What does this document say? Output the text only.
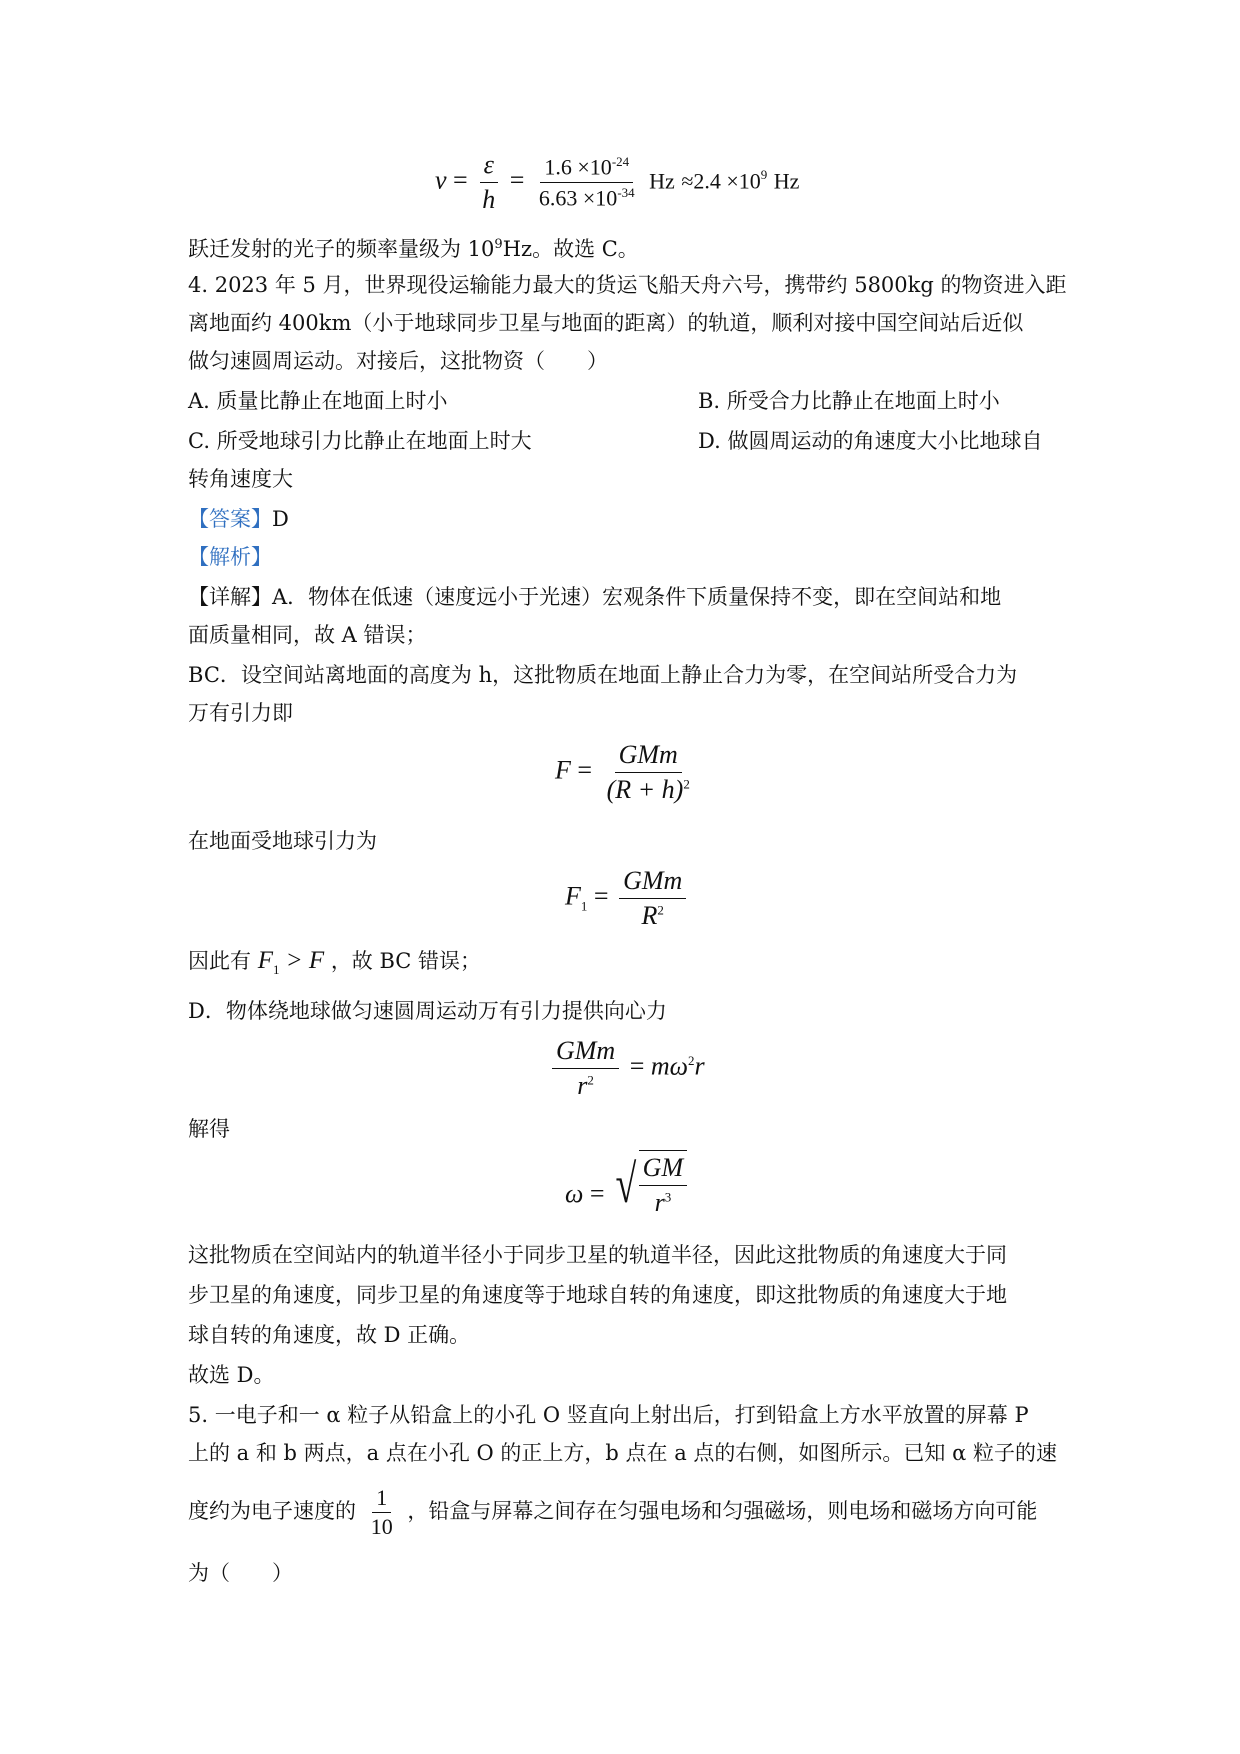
$\nu = \frac{\varepsilon}{h} = \frac{1.6 \times 10^{-24}}{6.63 \times 10^{-34}}$ $Hz \approx 2.4 \times 10^9$ Hz
跃迁发射的光子的频率量级为 $10^9Hz$。故选 C。
4. 2023 年 5 月，世界现役运输能力最大的货运飞船天舟六号，携带约 5800kg 的物资进入距
离地面约 400km（小于地球同步卫星与地面的距离）的轨道，顺利对接中国空间站后近似
做匀速圆周运动。对接后，这批物资（　　）
A. 质量比静止在地面上时小	B. 所受合力比静止在地面上时小
C. 所受地球引力比静止在地面上时大	D. 做圆周运动的角速度大小比地球自
转角速度大
【答案】D
【解析】
【详解】A．物体在低速（速度远小于光速）宏观条件下质量保持不变，即在空间站和地
面质量相同，故 A 错误；
BC．设空间站离地面的高度为 h，这批物质在地面上静止合力为零，在空间站所受合力为
万有引力即
$F = \frac{\text{GMm}}{(R + h)^2}$
在地面受地球引力为
$F_1 = \frac{\text{GMm}}{R^2}$
因此有 $F_1 > F$ ，故 BC 错误；
D．物体绕地球做匀速圆周运动万有引力提供向心力
$\frac{\text{GMm}}{r^2} = m\omega^2r$
解得
ω = √ $\frac{GM}{r^3}$
这批物质在空间站内的轨道半径小于同步卫星的轨道半径，因此这批物质的角速度大于同
步卫星的角速度，同步卫星的角速度等于地球自转的角速度，即这批物质的角速度大于地
球自转的角速度，故 D 正确。
故选 D。
5. 一电子和一 α 粒子从铅盒上的小孔 O 竖直向上射出后，打到铅盒上方水平放置的屏幕 P
上的 a 和 b 两点，a 点在小孔 O 的正上方，b 点在 a 点的右侧，如图所示。已知 α 粒子的速
度约为电子速度的 $\frac{1}{10}$ ，铅盒与屏幕之间存在匀强电场和匀强磁场，则电场和磁场方向可能
为（　　）
